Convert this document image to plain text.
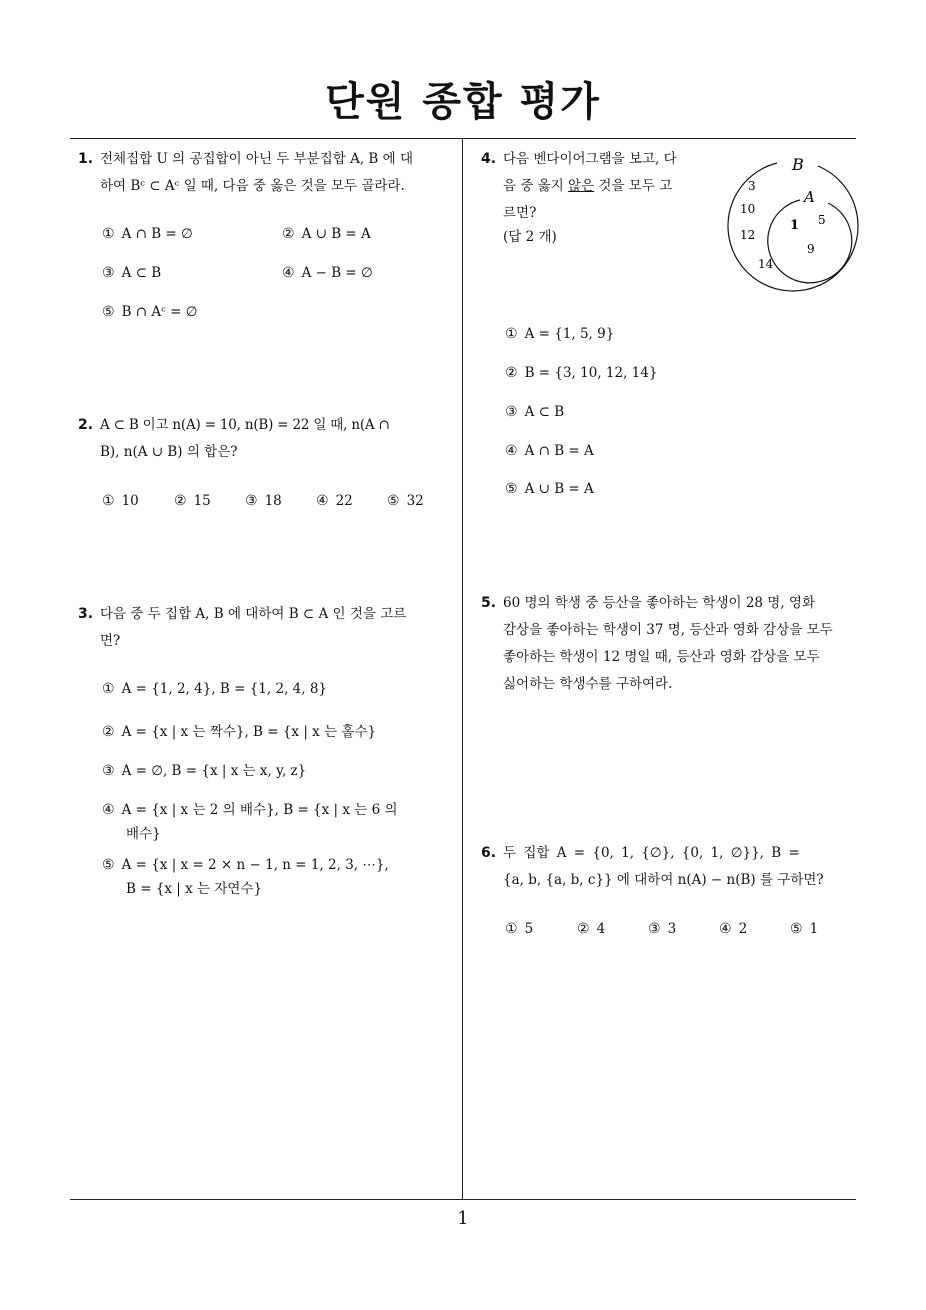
단원 종합 평가
1
1. 전체집합 U 의 공집합이 아닌 두 부분집합 A, B 에 대

하여 Bᶜ ⊂ Aᶜ 일 때, 다음 중 옳은 것을 모두 골라라.

① A ∩ B = ∅	② A ∪ B = A
③ A ⊂ B	④ A − B = ∅
⑤ B ∩ Aᶜ = ∅
2. A ⊂ B 이고 n(A) = 10, n(B) = 22 일 때, n(A ∩

B), n(A ∪ B) 의 합은?

① 10	② 15 ③ 18 ④ 22 ⑤ 32
3. 다음 중 두 집합 A, B 에 대하여 B ⊂ A 인 것을 고르

면?

① A = {1, 2, 4}, B = {1, 2, 4, 8}
② A = {x | x 는 짝수}, B = {x | x 는 홀수}
③ A = ∅, B = {x | x 는 x, y, z}
④ A = {x | x 는 2 의 배수}, B = {x | x 는 6 의
배수}
⑤ A = {x | x = 2 × n − 1, n = 1, 2, 3, ⋯},
B = {x | x 는 자연수}
4. 다음 벤다이어그램을 보고, 다

음 중 옳지 않은 것을 모두 고

르면?

(답 2 개)

B
A
3
10
12
14
1 5
9
① A = {1, 5, 9}
② B = {3, 10, 12, 14}
③ A ⊂ B
④ A ∩ B = A
⑤ A ∪ B = A
5. 60 명의 학생 중 등산을 좋아하는 학생이 28 명, 영화

감상을 좋아하는 학생이 37 명, 등산과 영화 감상을 모두

좋아하는 학생이 12 명일 때, 등산과 영화 감상을 모두

싫어하는 학생수를 구하여라.

6. 두 집합 A = {0, 1, {∅}, {0, 1, ∅}}, B =

{a, b, {a, b, c}} 에 대하여 n(A) − n(B) 를 구하면?

① 5	② 4	③ 3	④ 2	⑤ 1
